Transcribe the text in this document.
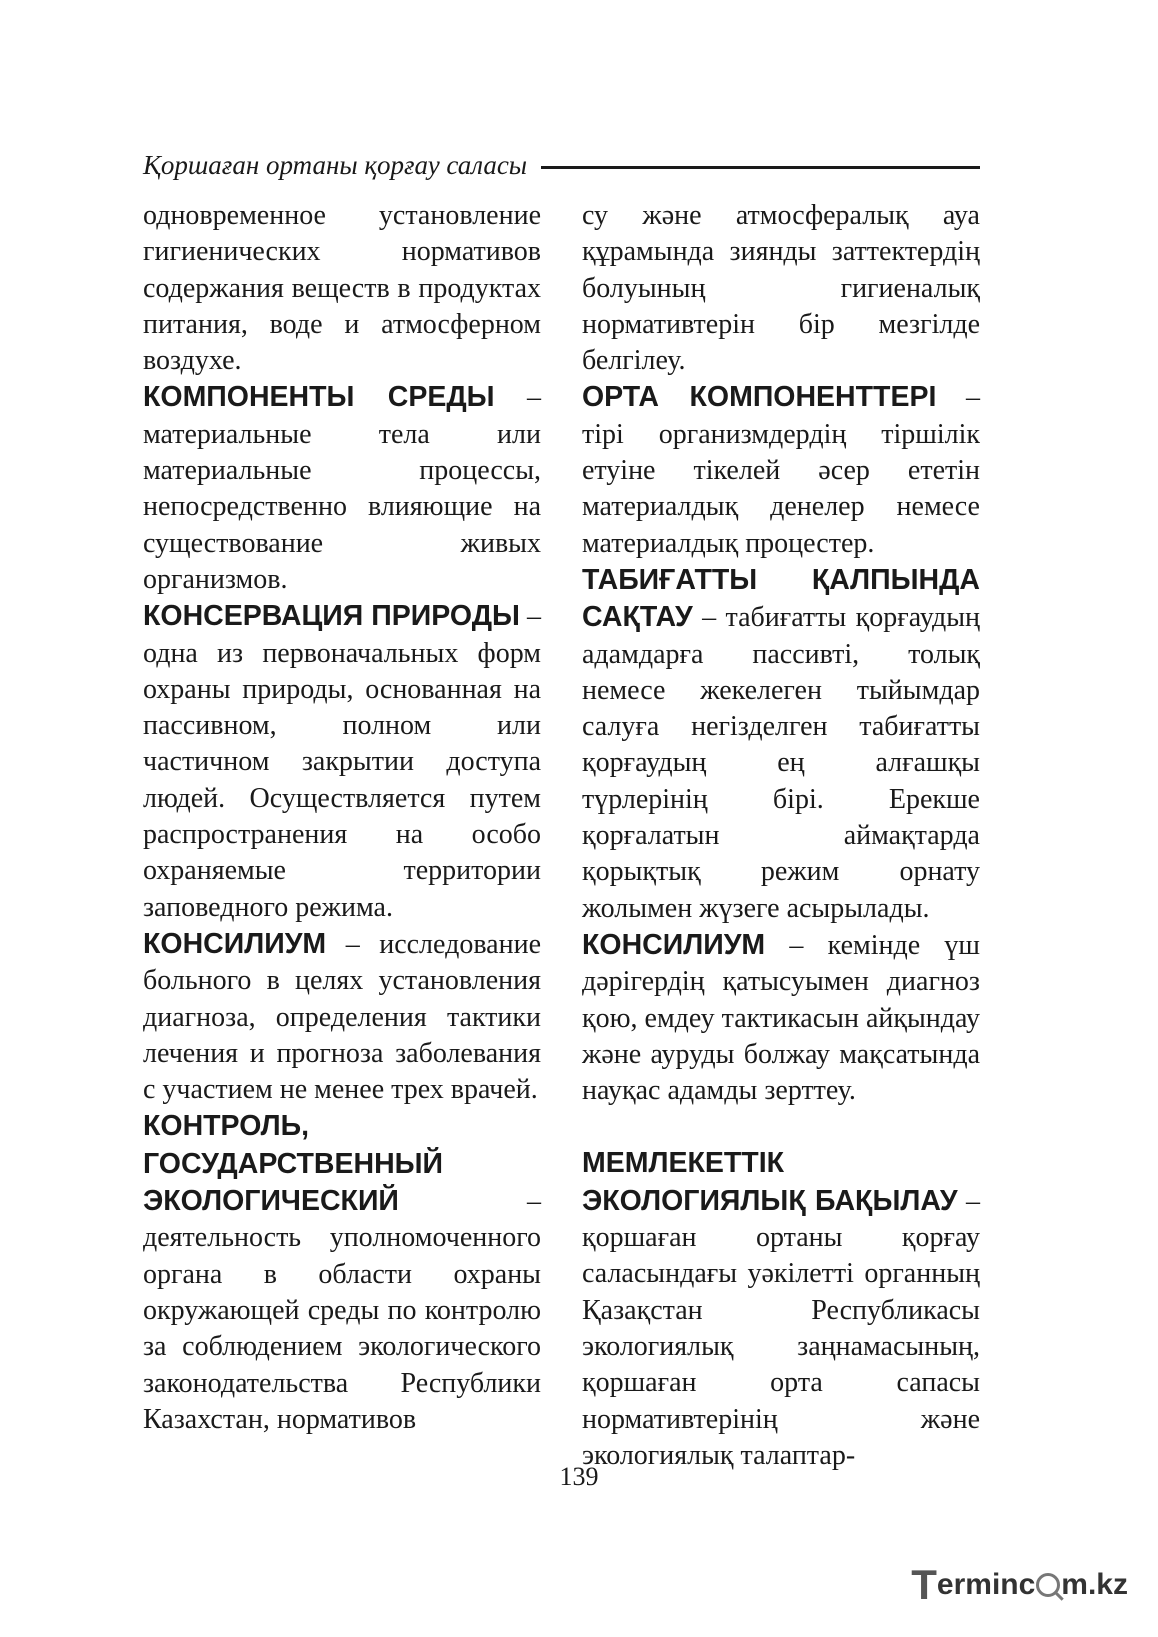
Қоршаған ортаны қорғау саласы

одновременное установление гигиенических нормативов содержания веществ в продуктах питания, воде и атмосферном воздухе.

КОМПОНЕНТЫ СРЕДЫ – материальные тела или материальные процессы, непосредственно влияющие на существование живых организмов.

КОНСЕРВАЦИЯ ПРИРОДЫ – одна из первоначальных форм охраны природы, основанная на пассивном, полном или частичном закрытии доступа людей. Осуществляется путем распространения на особо охраняемые территории заповедного режима.

КОНСИЛИУМ – исследование больного в целях установления диагноза, определения тактики лечения и прогноза заболевания с участием не менее трех врачей.

КОНТРОЛЬ, ГОСУДАРСТВЕННЫЙ ЭКОЛОГИЧЕСКИЙ – деятельность уполномоченного органа в области охраны окружающей среды по контролю за соблюдением экологического законодательства Республики Казахстан, нормативов

су және атмосфералық ауа құрамында зиянды заттектердің болуының гигиеналық нормативтерін бір мезгілде белгілеу.

ОРТА КОМПОНЕНТТЕРІ – тірі организмдердің тіршілік етуіне тікелей әсер ететін материалдық денелер немесе материалдық процестер.

ТАБИҒАТТЫ ҚАЛПЫНДА САҚТАУ – табиғатты қорғаудың адамдарға пассивті, толық немесе жекелеген тыйымдар салуға негізделген табиғатты қорғаудың ең алғашқы түрлерінің бірі. Ерекше қорғалатын аймақтарда қорықтық режим орнату жолымен жүзеге асырылады.

КОНСИЛИУМ – кемінде үш дәрігердің қатысуымен диагноз қою, емдеу тактикасын айқындау және ауруды болжау мақсатында науқас адамды зерттеу.

МЕМЛЕКЕТТІК ЭКОЛОГИЯЛЫҚ БАҚЫЛАУ – қоршаған ортаны қорғау саласындағы уәкілетті органның Қазақстан Республикасы экологиялық заңнамасының, қоршаған орта сапасы нормативтерінің және экологиялық талаптар-

139
T erminc m.kz
